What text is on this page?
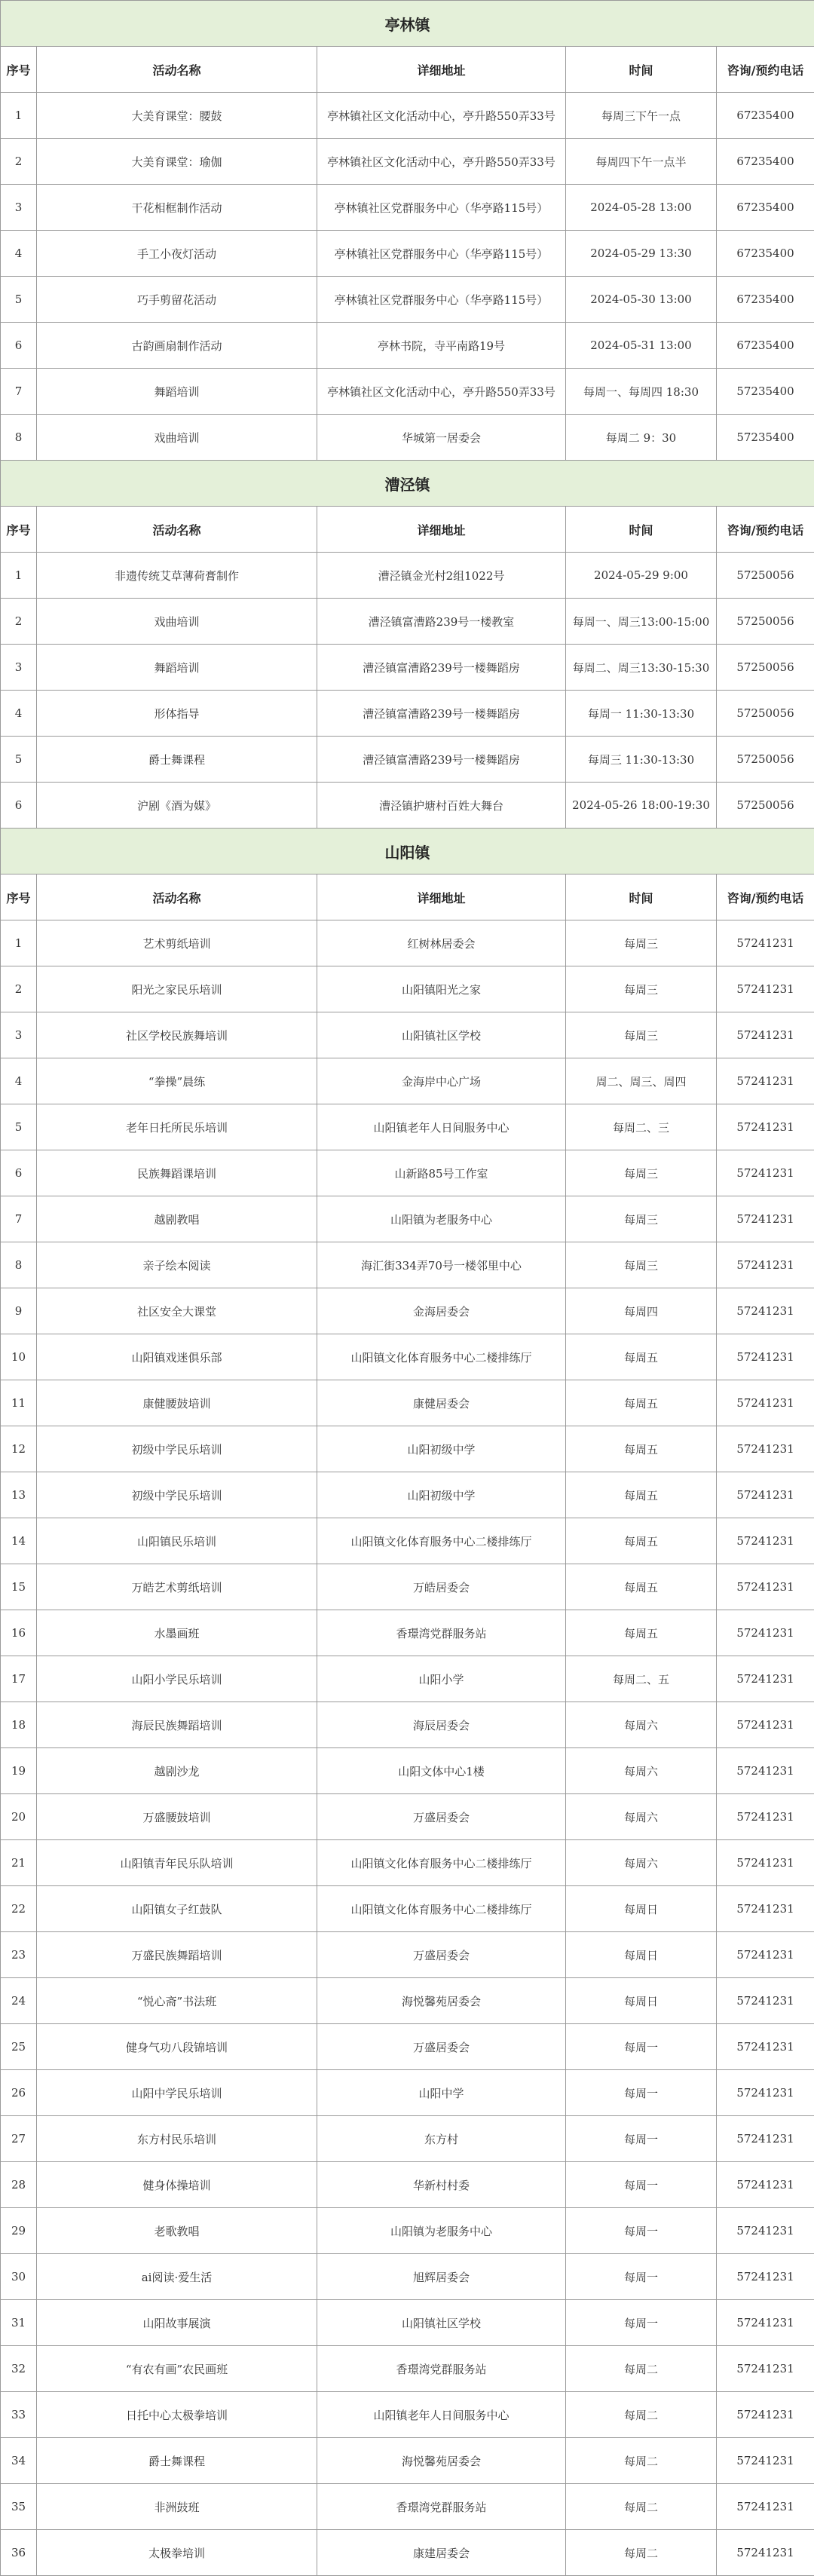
亭林镇				
序号	活动名称	详细地址	时间	咨询/预约电话
1	大美育课堂：腰鼓	亭林镇社区文化活动中心，亭升路550弄33号	每周三下午一点	67235400
2	大美育课堂：瑜伽	亭林镇社区文化活动中心，亭升路550弄33号	每周四下午一点半	67235400
3	干花相框制作活动	亭林镇社区党群服务中心（华亭路115号）	2024-05-28 13:00	67235400
4	手工小夜灯活动	亭林镇社区党群服务中心（华亭路115号）	2024-05-29 13:30	67235400
5	巧手剪留花活动	亭林镇社区党群服务中心（华亭路115号）	2024-05-30 13:00	67235400
6	古韵画扇制作活动	亭林书院，寺平南路19号	2024-05-31 13:00	67235400
7	舞蹈培训	亭林镇社区文化活动中心，亭升路550弄33号	每周一、每周四 18:30	57235400
8	戏曲培训	华城第一居委会	每周二 9：30	57235400
漕泾镇				
序号	活动名称	详细地址	时间	咨询/预约电话
1	非遗传统艾草薄荷膏制作	漕泾镇金光村2组1022号	2024-05-29 9:00	57250056
2	戏曲培训	漕泾镇富漕路239号一楼教室	每周一、周三13:00-15:00	57250056
3	舞蹈培训	漕泾镇富漕路239号一楼舞蹈房	每周二、周三13:30-15:30	57250056
4	形体指导	漕泾镇富漕路239号一楼舞蹈房	每周一 11:30-13:30	57250056
5	爵士舞课程	漕泾镇富漕路239号一楼舞蹈房	每周三 11:30-13:30	57250056
6	沪剧《酒为媒》	漕泾镇护塘村百姓大舞台	2024-05-26 18:00-19:30	57250056
山阳镇				
序号	活动名称	详细地址	时间	咨询/预约电话
1	艺术剪纸培训	红树林居委会	每周三	57241231
2	阳光之家民乐培训	山阳镇阳光之家	每周三	57241231
3	社区学校民族舞培训	山阳镇社区学校	每周三	57241231
4	“拳操”晨练	金海岸中心广场	周二、周三、周四	57241231
5	老年日托所民乐培训	山阳镇老年人日间服务中心	每周二、三	57241231
6	民族舞蹈课培训	山新路85号工作室	每周三	57241231
7	越剧教唱	山阳镇为老服务中心	每周三	57241231
8	亲子绘本阅读	海汇街334弄70号一楼邻里中心	每周三	57241231
9	社区安全大课堂	金海居委会	每周四	57241231
10	山阳镇戏迷俱乐部	山阳镇文化体育服务中心二楼排练厅	每周五	57241231
11	康健腰鼓培训	康健居委会	每周五	57241231
12	初级中学民乐培训	山阳初级中学	每周五	57241231
13	初级中学民乐培训	山阳初级中学	每周五	57241231
14	山阳镇民乐培训	山阳镇文化体育服务中心二楼排练厅	每周五	57241231
15	万皓艺术剪纸培训	万皓居委会	每周五	57241231
16	水墨画班	香璟湾党群服务站	每周五	57241231
17	山阳小学民乐培训	山阳小学	每周二、五	57241231
18	海辰民族舞蹈培训	海辰居委会	每周六	57241231
19	越剧沙龙	山阳文体中心1楼	每周六	57241231
20	万盛腰鼓培训	万盛居委会	每周六	57241231
21	山阳镇青年民乐队培训	山阳镇文化体育服务中心二楼排练厅	每周六	57241231
22	山阳镇女子红鼓队	山阳镇文化体育服务中心二楼排练厅	每周日	57241231
23	万盛民族舞蹈培训	万盛居委会	每周日	57241231
24	“悦心斋”书法班	海悦馨苑居委会	每周日	57241231
25	健身气功八段锦培训	万盛居委会	每周一	57241231
26	山阳中学民乐培训	山阳中学	每周一	57241231
27	东方村民乐培训	东方村	每周一	57241231
28	健身体操培训	华新村村委	每周一	57241231
29	老歌教唱	山阳镇为老服务中心	每周一	57241231
30	ai阅读·爱生活	旭辉居委会	每周一	57241231
31	山阳故事展演	山阳镇社区学校	每周一	57241231
32	“有农有画”农民画班	香璟湾党群服务站	每周二	57241231
33	日托中心太极拳培训	山阳镇老年人日间服务中心	每周二	57241231
34	爵士舞课程	海悦馨苑居委会	每周二	57241231
35	非洲鼓班	香璟湾党群服务站	每周二	57241231
36	太极拳培训	康建居委会	每周二	57241231
